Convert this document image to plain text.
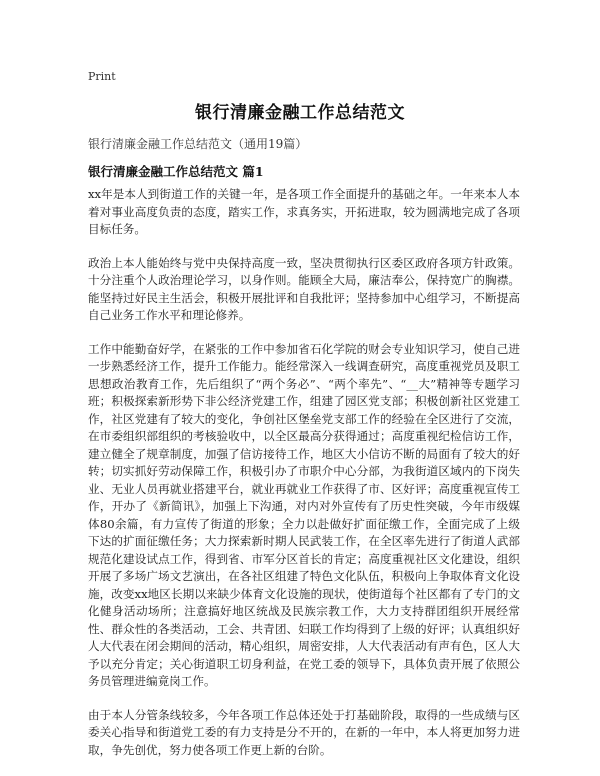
Print
银行清廉金融工作总结范文
银行清廉金融工作总结范文（通用19篇）
银行清廉金融工作总结范文 篇1

xx年是本人到街道工作的关键一年，是各项工作全面提升的基础之年。一年来本人本着对事业高度负责的态度，踏实工作，求真务实，开拓进取，较为圆满地完成了各项目标任务。

政治上本人能始终与党中央保持高度一致，坚决贯彻执行区委区政府各项方针政策。十分注重个人政治理论学习，以身作则。能顾全大局，廉洁奉公，保持宽广的胸襟。能坚持过好民主生活会，积极开展批评和自我批评；坚持参加中心组学习，不断提高自己业务工作水平和理论修养。

工作中能勤奋好学，在紧张的工作中参加省石化学院的财会专业知识学习，使自己进一步熟悉经济工作，提升工作能力。能经常深入一线调查研究，高度重视党员及职工思想政治教育工作，先后组织了“两个务必”、“两个率先”、“__大”精神等专题学习班；积极探索新形势下非公经济党建工作，组建了园区党支部；积极创新社区党建工作，社区党建有了较大的变化，争创社区堡垒党支部工作的经验在全区进行了交流，在市委组织部组织的考核验收中，以全区最高分获得通过；高度重视纪检信访工作，建立健全了规章制度，加强了信访接待工作，地区大小信访不断的局面有了较大的好转；切实抓好劳动保障工作，积极引办了市职介中心分部，为我街道区域内的下岗失业、无业人员再就业搭建平台，就业再就业工作获得了市、区好评；高度重视宣传工作，开办了《新简讯》，加强上下沟通，对内对外宣传有了历史性突破，今年市级媒体80余篇，有力宣传了街道的形象；全力以赴做好扩面征缴工作，全面完成了上级下达的扩面征缴任务；大力探索新时期人民武装工作，在全区率先进行了街道人武部规范化建设试点工作，得到省、市军分区首长的肯定；高度重视社区文化建设，组织开展了多场广场文艺演出，在各社区组建了特色文化队伍，积极向上争取体育文化设施，改变xx地区长期以来缺少体育文化设施的现状，使街道每个社区都有了专门的文化健身活动场所；注意搞好地区统战及民族宗教工作，大力支持群团组织开展经常性、群众性的各类活动，工会、共青团、妇联工作均得到了上级的好评；认真组织好人大代表在闭会期间的活动，精心组织，周密安排，人大代表活动有声有色，区人大予以充分肯定；关心街道职工切身利益，在党工委的领导下，具体负责开展了依照公务员管理进编竟岗工作。

由于本人分管条线较多，今年各项工作总体还处于打基础阶段，取得的一些成绩与区委关心指导和街道党工委的有力支持是分不开的，在新的一年中，本人将更加努力进取，争先创优，努力使各项工作更上新的台阶。
